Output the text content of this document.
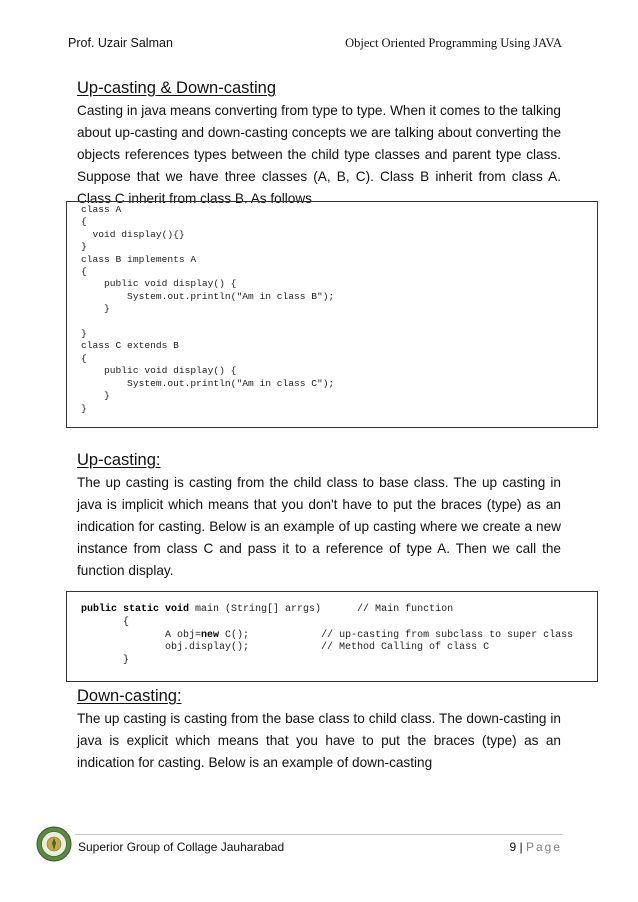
Prof. Uzair Salman	Object Oriented Programming Using JAVA
Up-casting & Down-casting

Casting in java means converting from type to type. When it comes to the talking about up-casting and down-casting concepts we are talking about converting the objects references types between the child type classes and parent type class. Suppose that we have three classes (A, B, C). Class B inherit from class A. Class C inherit from class B. As follows

class A
{
void display(){}
}
class B implements A
{
public void display() {
System.out.println("Am in class B");
}

}
class C extends B
{
public void display() {
System.out.println("Am in class C");
}
}
Up-casting:

The up casting is casting from the child class to base class. The up casting in java is implicit which means that you don't have to put the braces (type) as an indication for casting. Below is an example of up casting where we create a new instance from class C and pass it to a reference of type A. Then we call the function display.

public static void main (String[] arrgs)      // Main function
{
A obj=new C();            // up-casting from subclass to super class
obj.display();            // Method Calling of class C
}
Down-casting:

The up casting is casting from the base class to child class. The down-casting in java is explicit which means that you have to put the braces (type) as an indication for casting. Below is an example of down-casting

Superior Group of Collage Jauharabad	9 | Page
